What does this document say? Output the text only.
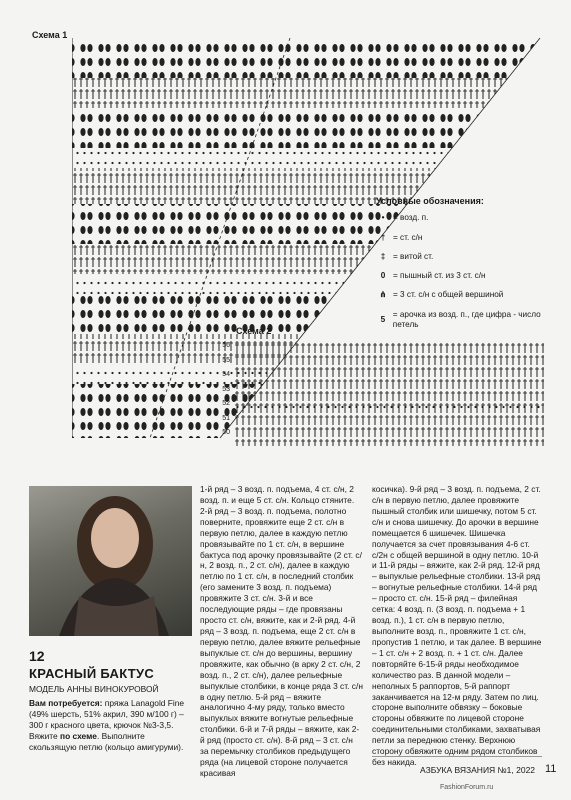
Схема 1
Условные обозначения:
•	= возд. п.
† = ст. с/н
‡ = витой ст.
0 = пышный ст. из 3 ст. с/н
⋔ = 3 ст. с/н с общей вершиной
5
= арочка из возд. п., где цифра - число петель
Схема 2
56
55
54
53
52
51
50
12
КРАСНЫЙ БАКТУС
МОДЕЛЬ АННЫ ВИНОКУРОВОЙ
Вам потребуется: пряжа Lanagold Fine (49% шерсть, 51% акрил, 390 м/100 г) – 300 г красного цвета, крючок №3-3,5.
Вяжите по схеме. Выполните скользящую петлю (кольцо амигуруми).
1-й ряд – 3 возд. п. подъема, 4 ст. с/н, 2 возд. п. и еще 5 ст. с/н. Кольцо стяните. 2-й ряд – 3 возд. п. подъема, полотно поверните, провяжите еще 2 ст. с/н в первую петлю, далее в каждую петлю провязывайте по 1 ст. с/н, в вершине бактуса под арочку провязывайте (2 ст. с/н, 2 возд. п., 2 ст. с/н), далее в каждую петлю по 1 ст. с/н, в последний столбик (его замените 3 возд. п. подъема) провяжите 3 ст. с/н. 3-й и все последующие ряды – где провязаны просто ст. с/н, вяжите, как и 2-й ряд. 4-й ряд – 3 возд. п. подъема, еще 2 ст. с/н в первую петлю, далее вяжите рельефные выпуклые ст. с/н до вершины, вершину провяжите, как обычно (в арку 2 ст. с/н, 2 возд. п., 2 ст. с/н), далее рельефные выпуклые столбики, в конце ряда 3 ст. с/н в одну петлю. 5-й ряд – вяжите аналогично 4-му ряду, только вместо выпуклых вяжите вогнутые рельефные столбики. 6-й и 7-й ряды – вяжите, как 2-й ряд (просто ст. с/н). 8-й ряд – 3 ст. с/н за перемычку столбиков предыдущего ряда (на лицевой стороне получается красивая
косичка). 9-й ряд – 3 возд. п. подъема, 2 ст. с/н в первую петлю, далее провяжите пышный столбик или шишечку, потом 5 ст. с/н и снова шишечку. До арочки в вершине помещается 6 шишечек. Шишечка получается за счет провязывания 4-6 ст. с/2н с общей вершиной в одну петлю. 10-й и 11-й ряды – вяжите, как 2-й ряд. 12-й ряд – выпуклые рельефные столбики. 13-й ряд – вогнутые рельефные столбики. 14-й ряд – просто ст. с/н. 15-й ряд – филейная сетка: 4 возд. п. (3 возд. п. подъема + 1 возд. п.), 1 ст. с/н в первую петлю, выполните возд. п., провяжите 1 ст. с/н, пропустив 1 петлю, и так далее. В вершине – 1 ст. с/н + 2 возд. п. + 1 ст. с/н. Далее повторяйте 6-15-й ряды необходимое количество раз. В данной модели – неполных 5 раппортов, 5-й раппорт заканчивается на 12-м ряду. Затем по лиц. стороне выполните обвязку – боковые стороны обвяжите по лицевой стороне соединительными столбиками, захватывая петли за переднюю стенку. Верхнюю сторону обвяжите одним рядом столбиков без накида.
АЗБУКА ВЯЗАНИЯ №1, 2022 11
FashionForum.ru
